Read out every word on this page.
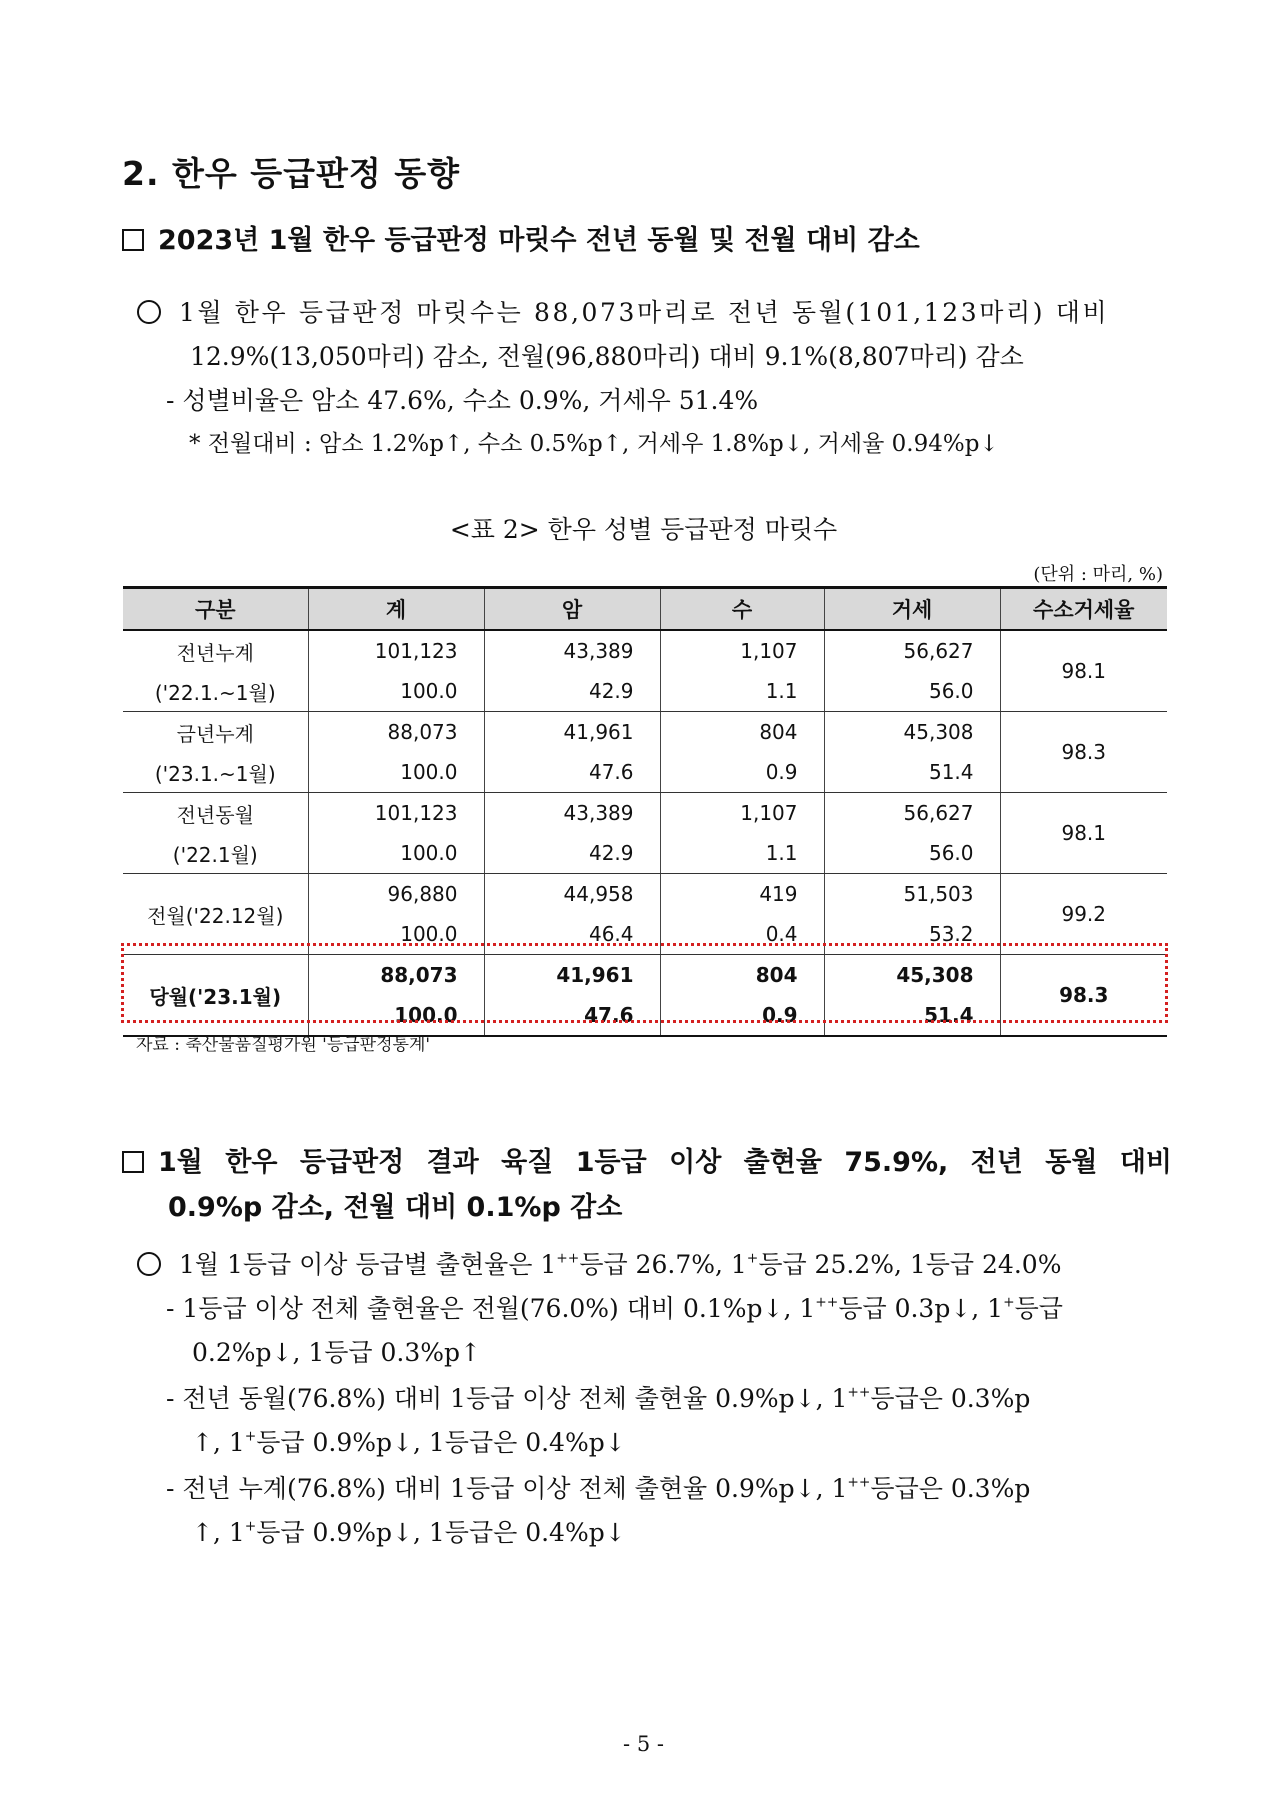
2. 한우 등급판정 동향
2023년 1월 한우 등급판정 마릿수 전년 동월 및 전월 대비 감소
1월 한우 등급판정 마릿수는 88,073마리로 전년 동월(101,123마리) 대비
12.9%(13,050마리) 감소, 전월(96,880마리) 대비 9.1%(8,807마리) 감소
- 성별비율은 암소 47.6%, 수소 0.9%, 거세우 51.4%
* 전월대비 : 암소 1.2%p↑, 수소 0.5%p↑, 거세우 1.8%p↓, 거세율 0.94%p↓
<표 2> 한우 성별 등급판정 마릿수
(단위 : 마리, %)
구분	계	암	수	거세	수소거세율
전년누계	101,123	43,389	1,107	56,627	98.1
('22.1.~1월)	100.0	42.9	1.1	56.0	
금년누계	88,073	41,961	804	45,308	98.3
('23.1.~1월)	100.0	47.6	0.9	51.4	
전년동월	101,123	43,389	1,107	56,627	98.1
('22.1월)	100.0	42.9	1.1	56.0	
전월('22.12월)	96,880	44,958	419	51,503	99.2
	100.0	46.4	0.4	53.2	
당월('23.1월)	88,073	41,961	804	45,308	98.3
	100.0	47.6	0.9	51.4	
자료 : 축산물품질평가원 '등급판정통계'
1월 한우 등급판정 결과 육질 1등급 이상 출현율 75.9%, 전년 동월 대비
0.9%p 감소, 전월 대비 0.1%p 감소
1월 1등급 이상 등급별 출현율은 1++등급 26.7%, 1+등급 25.2%, 1등급 24.0%
- 1등급 이상 전체 출현율은 전월(76.0%) 대비 0.1%p↓, 1++등급 0.3p↓, 1+등급
0.2%p↓, 1등급 0.3%p↑
- 전년 동월(76.8%) 대비 1등급 이상 전체 출현율 0.9%p↓, 1++등급은 0.3%p
↑, 1+등급 0.9%p↓, 1등급은 0.4%p↓
- 전년 누계(76.8%) 대비 1등급 이상 전체 출현율 0.9%p↓, 1++등급은 0.3%p
↑, 1+등급 0.9%p↓, 1등급은 0.4%p↓
- 5 -
